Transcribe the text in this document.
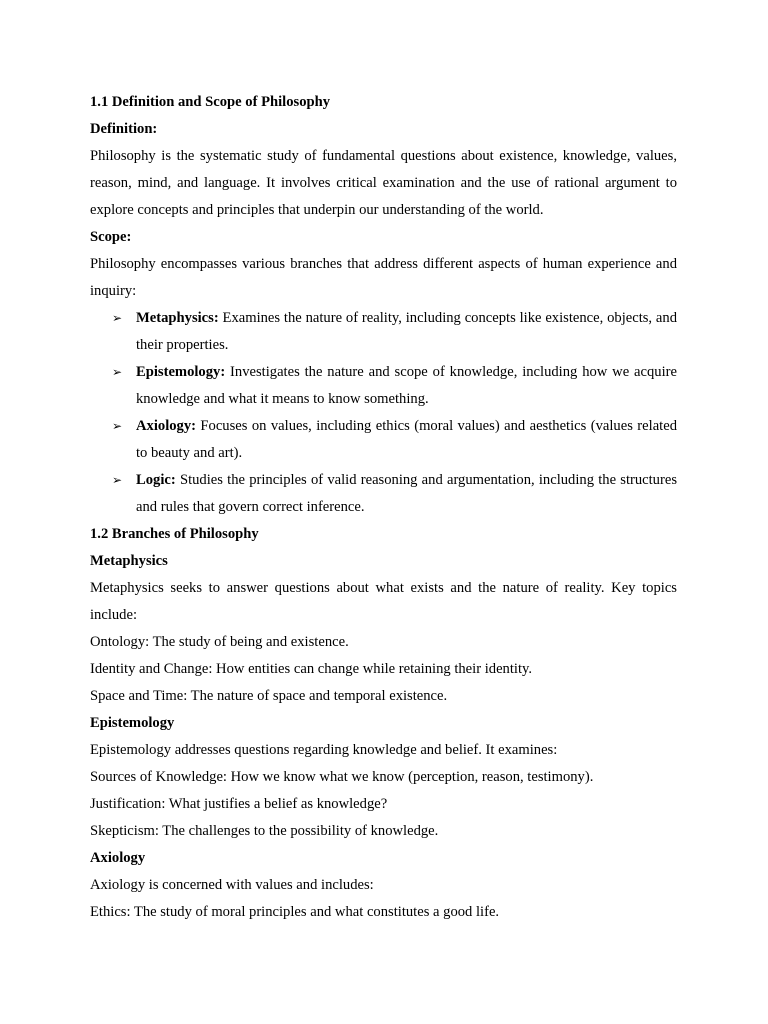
1.1 Definition and Scope of Philosophy

Definition:

Philosophy is the systematic study of fundamental questions about existence, knowledge, values, reason, mind, and language. It involves critical examination and the use of rational argument to explore concepts and principles that underpin our understanding of the world.

Scope:

Philosophy encompasses various branches that address different aspects of human experience and inquiry:

➢ Metaphysics: Examines the nature of reality, including concepts like existence, objects, and their properties.
➢ Epistemology: Investigates the nature and scope of knowledge, including how we acquire knowledge and what it means to know something.
➢ Axiology: Focuses on values, including ethics (moral values) and aesthetics (values related to beauty and art).
➢ Logic: Studies the principles of valid reasoning and argumentation, including the structures and rules that govern correct inference.

1.2 Branches of Philosophy

Metaphysics

Metaphysics seeks to answer questions about what exists and the nature of reality. Key topics include:

Ontology: The study of being and existence.

Identity and Change: How entities can change while retaining their identity.

Space and Time: The nature of space and temporal existence.

Epistemology

Epistemology addresses questions regarding knowledge and belief. It examines:

Sources of Knowledge: How we know what we know (perception, reason, testimony).

Justification: What justifies a belief as knowledge?

Skepticism: The challenges to the possibility of knowledge.

Axiology

Axiology is concerned with values and includes:

Ethics: The study of moral principles and what constitutes a good life.
